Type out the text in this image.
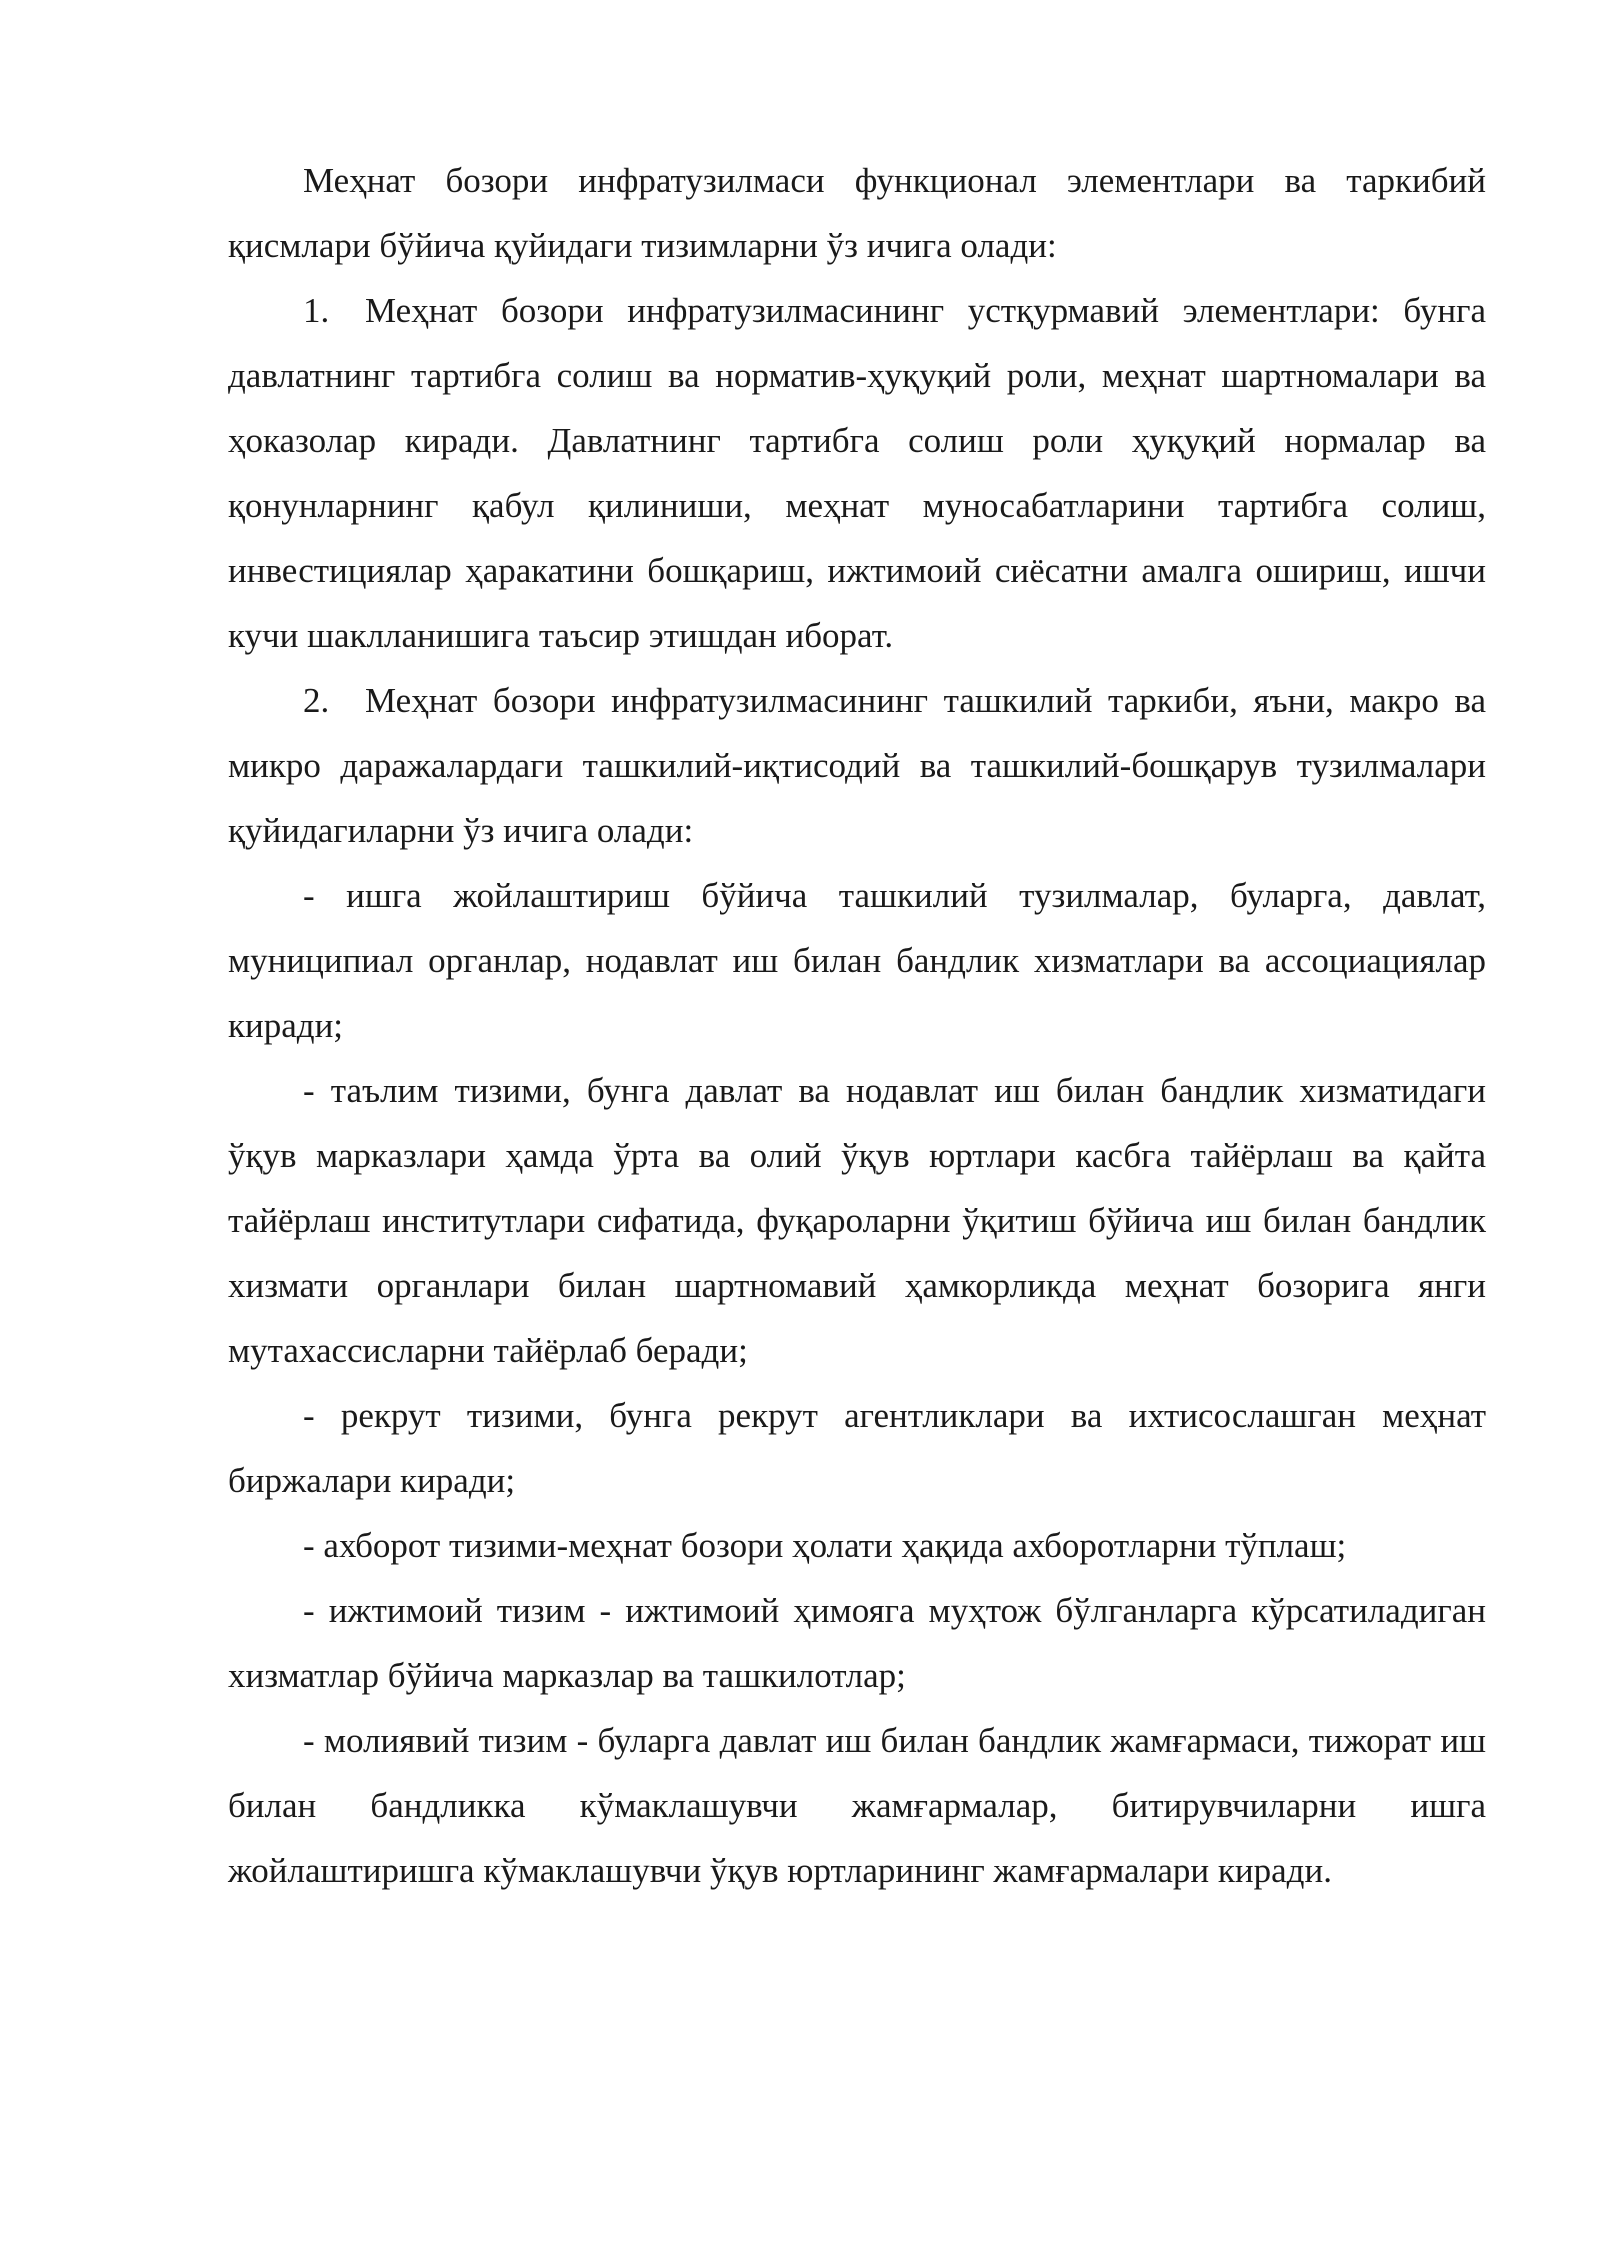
Меҳнат бозори инфратузилмаси функционал элементлари ва таркибий қисмлари бўйича қуйидаги тизимларни ўз ичига олади:

1. Меҳнат бозори инфратузилмасининг устқурмавий элементлари: бунга давлатнинг тартибга солиш ва норматив-ҳуқуқий роли, меҳнат шартномалари ва ҳоказолар киради. Давлатнинг тартибга солиш роли ҳуқуқий нормалар ва қонунларнинг қабул қилиниши, меҳнат муносабатларини тартибга солиш, инвестициялар ҳаракатини бошқариш, ижтимоий сиёсатни амалга ошириш, ишчи кучи шаклланишига таъсир этишдан иборат.

2. Меҳнат бозори инфратузилмасининг ташкилий таркиби, яъни, макро ва микро даражалардаги ташкилий-иқтисодий ва ташкилий-бошқарув тузилмалари қуйидагиларни ўз ичига олади:

- ишга жойлаштириш бўйича ташкилий тузилмалар, буларга, давлат, муниципиал органлар, нодавлат иш билан бандлик хизматлари ва ассоциациялар киради;

- таълим тизими, бунга давлат ва нодавлат иш билан бандлик хизматидаги ўқув марказлари ҳамда ўрта ва олий ўқув юртлари касбга тайёрлаш ва қайта тайёрлаш институтлари сифатида, фуқароларни ўқитиш бўйича иш билан бандлик хизмати органлари билан шартномавий ҳамкорликда меҳнат бозорига янги мутахассисларни тайёрлаб беради;

- рекрут тизими, бунга рекрут агентликлари ва ихтисослашган меҳнат биржалари киради;

- ахборот тизими-меҳнат бозори ҳолати ҳақида ахборотларни тўплаш;

- ижтимоий тизим - ижтимоий ҳимояга муҳтож бўлганларга кўрсатиладиган хизматлар бўйича марказлар ва ташкилотлар;

- молиявий тизим - буларга давлат иш билан бандлик жамғармаси, тижорат иш билан бандликка кўмаклашувчи жамғармалар, битирувчиларни ишга жойлаштиришга кўмаклашувчи ўқув юртларининг жамғармалари киради.
